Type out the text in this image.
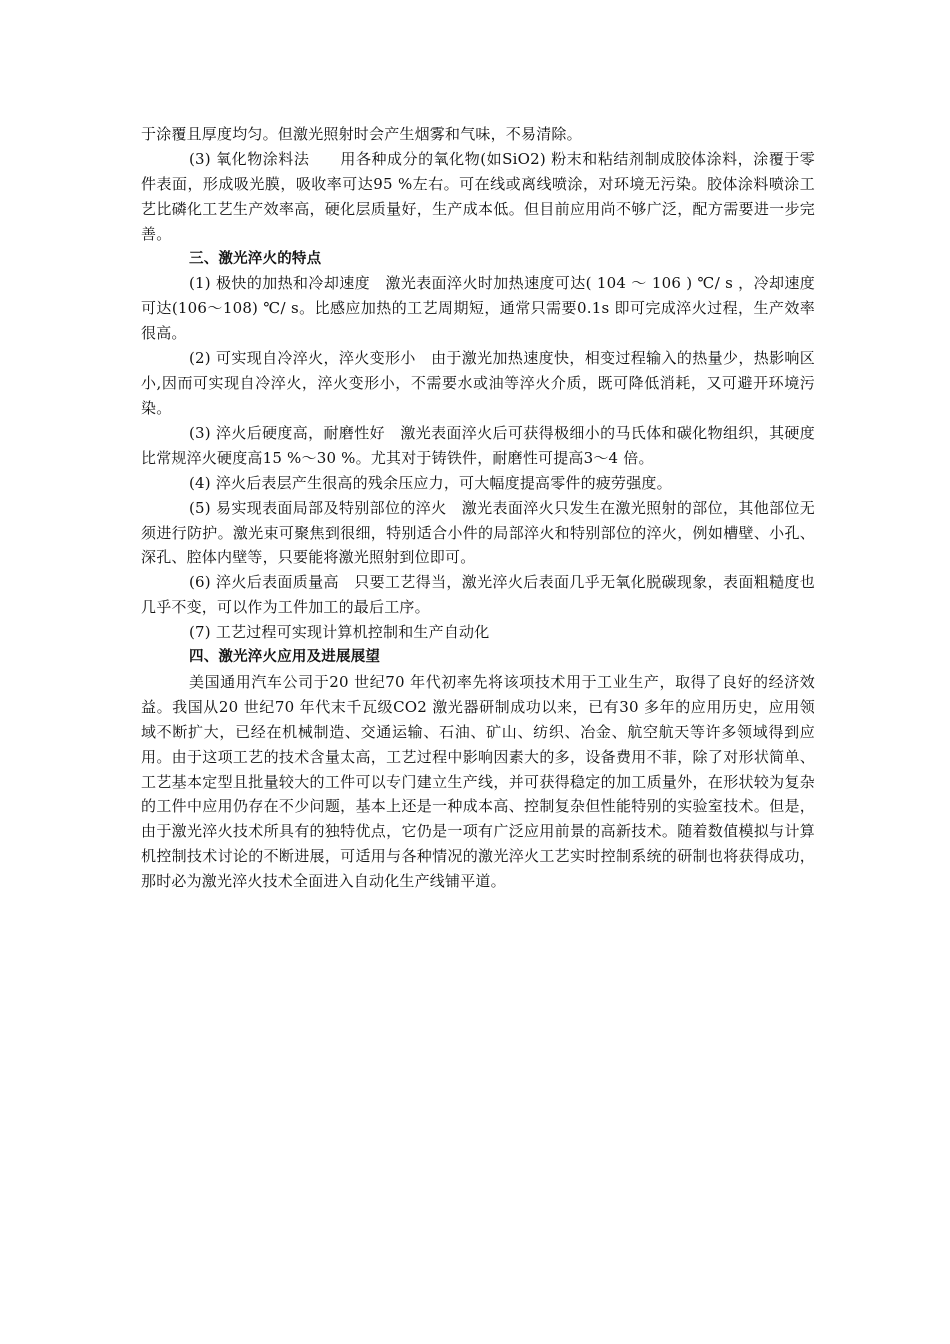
于涂覆且厚度均匀。但激光照射时会产生烟雾和气味，不易清除。

(3) 氧化物涂料法　　用各种成分的氧化物(如SiO2) 粉末和粘结剂制成胶体涂料，涂覆于零件表面，形成吸光膜，吸收率可达95 %左右。可在线或离线喷涂，对环境无污染。胶体涂料喷涂工艺比磷化工艺生产效率高，硬化层质量好，生产成本低。但目前应用尚不够广泛，配方需要进一步完善。

三、激光淬火的特点

(1) 极快的加热和冷却速度　激光表面淬火时加热速度可达( 104 ～ 106 ) ℃/ s ，冷却速度可达(106～108) ℃/ s。比感应加热的工艺周期短，通常只需要0.1s 即可完成淬火过程，生产效率很高。

(2) 可实现自冷淬火，淬火变形小　由于激光加热速度快，相变过程输入的热量少，热影响区小,因而可实现自冷淬火，淬火变形小，不需要水或油等淬火介质，既可降低消耗，又可避开环境污染。

(3) 淬火后硬度高，耐磨性好　激光表面淬火后可获得极细小的马氏体和碳化物组织，其硬度比常规淬火硬度高15 %～30 %。尤其对于铸铁件，耐磨性可提高3～4 倍。

(4) 淬火后表层产生很高的残余压应力，可大幅度提高零件的疲劳强度。

(5) 易实现表面局部及特别部位的淬火　激光表面淬火只发生在激光照射的部位，其他部位无须进行防护。激光束可聚焦到很细，特别适合小件的局部淬火和特别部位的淬火，例如槽壁、小孔、深孔、腔体内壁等，只要能将激光照射到位即可。

(6) 淬火后表面质量高　只要工艺得当，激光淬火后表面几乎无氧化脱碳现象，表面粗糙度也几乎不变，可以作为工件加工的最后工序。

(7) 工艺过程可实现计算机控制和生产自动化

四、激光淬火应用及进展展望

美国通用汽车公司于20 世纪70 年代初率先将该项技术用于工业生产，取得了良好的经济效益。我国从20 世纪70 年代末千瓦级CO2 激光器研制成功以来，已有30 多年的应用历史，应用领域不断扩大，已经在机械制造、交通运输、石油、矿山、纺织、冶金、航空航天等许多领域得到应用。由于这项工艺的技术含量太高，工艺过程中影响因素大的多，设备费用不菲，除了对形状简单、工艺基本定型且批量较大的工件可以专门建立生产线，并可获得稳定的加工质量外，在形状较为复杂的工件中应用仍存在不少问题，基本上还是一种成本高、控制复杂但性能特别的实验室技术。但是，由于激光淬火技术所具有的独特优点，它仍是一项有广泛应用前景的高新技术。随着数值模拟与计算机控制技术讨论的不断进展，可适用与各种情况的激光淬火工艺实时控制系统的研制也将获得成功，那时必为激光淬火技术全面进入自动化生产线铺平道。
